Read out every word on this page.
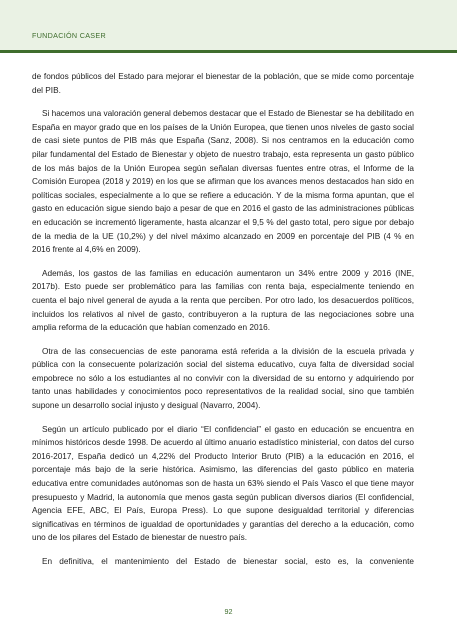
FUNDACIÓN CASER

de fondos públicos del Estado para mejorar el bienestar de la población, que se mide como porcentaje del PIB.

Si hacemos una valoración general debemos destacar que el Estado de Bienestar se ha debilitado en España en mayor grado que en los países de la Unión Europea, que tienen unos niveles de gasto social de casi siete puntos de PIB más que España (Sanz, 2008). Si nos centramos en la educación como pilar fundamental del Estado de Bienestar y objeto de nuestro trabajo, esta representa un gasto público de los más bajos de la Unión Europea según señalan diversas fuentes entre otras, el Informe de la Comisión Europea (2018 y 2019) en los que se afirman que los avances menos destacados han sido en políticas sociales, especialmente a lo que se refiere a educación. Y de la misma forma apuntan, que el gasto en educación sigue siendo bajo a pesar de que en 2016 el gasto de las administraciones públicas en educación se incrementó ligeramente, hasta alcanzar el 9,5 % del gasto total, pero sigue por debajo de la media de la UE (10,2%) y del nivel máximo alcanzado en 2009 en porcentaje del PIB (4 % en 2016 frente al 4,6% en 2009).

Además, los gastos de las familias en educación aumentaron un 34% entre 2009 y 2016 (INE, 2017b). Esto puede ser problemático para las familias con renta baja, especialmente teniendo en cuenta el bajo nivel general de ayuda a la renta que perciben. Por otro lado, los desacuerdos políticos, incluidos los relativos al nivel de gasto, contribuyeron a la ruptura de las negociaciones sobre una amplia reforma de la educación que habían comenzado en 2016.

Otra de las consecuencias de este panorama está referida a la división de la escuela privada y pública con la consecuente polarización social del sistema educativo, cuya falta de diversidad social empobrece no sólo a los estudiantes al no convivir con la diversidad de su entorno y adquiriendo por tanto unas habilidades y conocimientos poco representativos de la realidad social, sino que también supone un desarrollo social injusto y desigual (Navarro, 2004).

Según un artículo publicado por el diario “El confidencial” el gasto en educación se encuentra en mínimos históricos desde 1998. De acuerdo al último anuario estadístico ministerial, con datos del curso 2016-2017, España dedicó un 4,22% del Producto Interior Bruto (PIB) a la educación en 2016, el porcentaje más bajo de la serie histórica. Asimismo, las diferencias del gasto público en materia educativa entre comunidades autónomas son de hasta un 63% siendo el País Vasco el que tiene mayor presupuesto y Madrid, la autonomía que menos gasta según publican diversos diarios (El confidencial, Agencia EFE, ABC, El País, Europa Press). Lo que supone desigualdad territorial y diferencias significativas en términos de igualdad de oportunidades y garantías del derecho a la educación, como uno de los pilares del Estado de bienestar de nuestro país.

En definitiva, el mantenimiento del Estado de bienestar social, esto es, la conveniente

92
